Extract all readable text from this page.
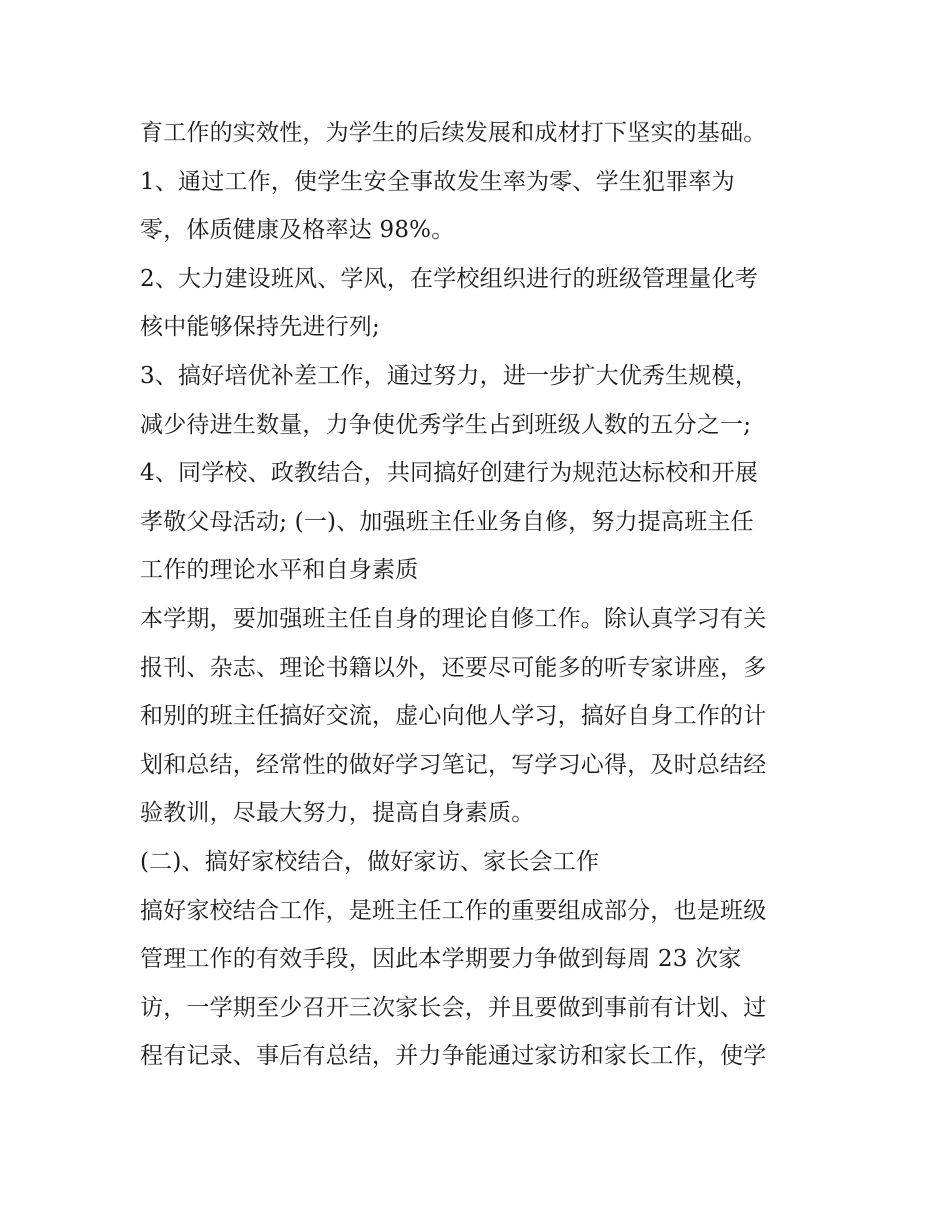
育工作的实效性，为学生的后续发展和成材打下坚实的基础。
1、通过工作，使学生安全事故发生率为零、学生犯罪率为
零，体质健康及格率达 98%。
2、大力建设班风、学风，在学校组织进行的班级管理量化考
核中能够保持先进行列;
3、搞好培优补差工作，通过努力，进一步扩大优秀生规模，
减少待进生数量，力争使优秀学生占到班级人数的五分之一;
4、同学校、政教结合，共同搞好创建行为规范达标校和开展
孝敬父母活动; (一)、加强班主任业务自修，努力提高班主任
工作的理论水平和自身素质
本学期，要加强班主任自身的理论自修工作。除认真学习有关
报刊、杂志、理论书籍以外，还要尽可能多的听专家讲座，多
和别的班主任搞好交流，虚心向他人学习，搞好自身工作的计
划和总结，经常性的做好学习笔记，写学习心得，及时总结经
验教训，尽最大努力，提高自身素质。
(二)、搞好家校结合，做好家访、家长会工作
搞好家校结合工作，是班主任工作的重要组成部分，也是班级
管理工作的有效手段，因此本学期要力争做到每周 23 次家
访，一学期至少召开三次家长会，并且要做到事前有计划、过
程有记录、事后有总结，并力争能通过家访和家长工作，使学
